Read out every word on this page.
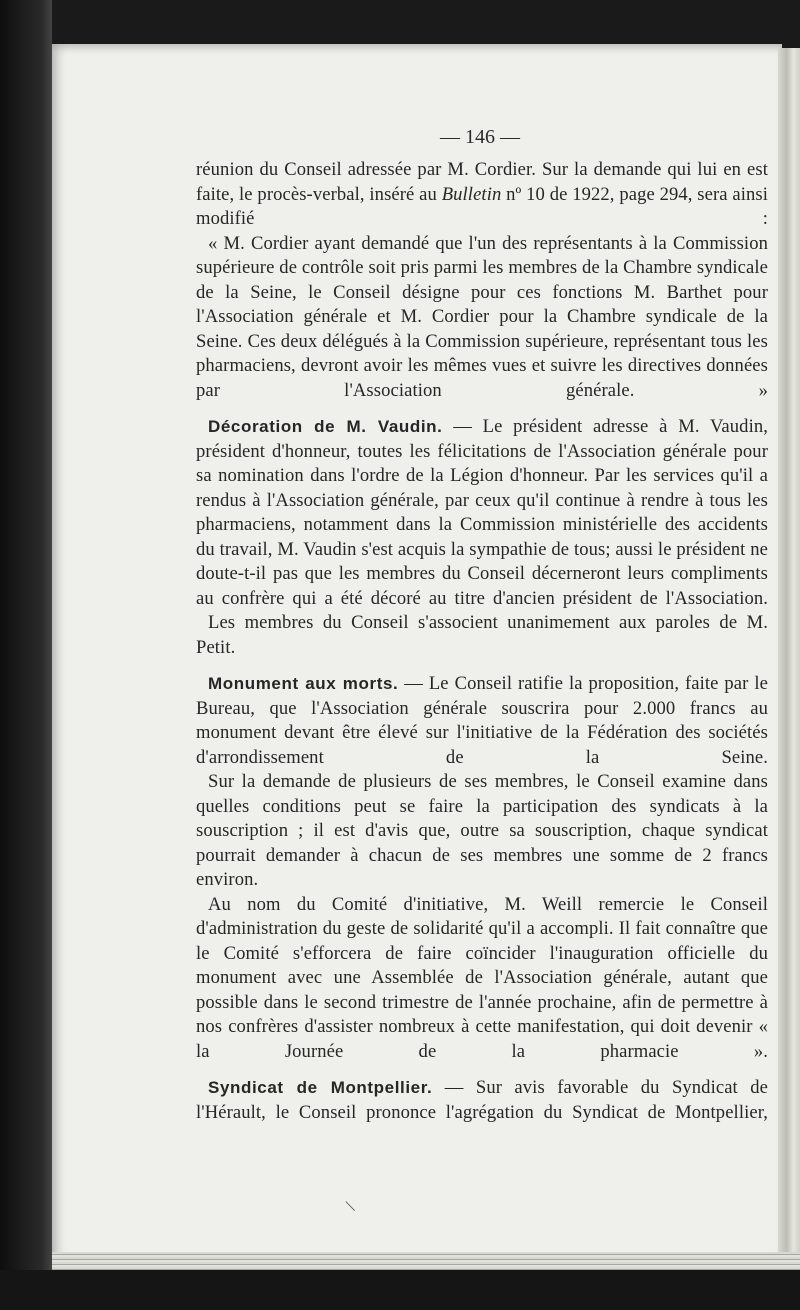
— 146 —

réunion du Conseil adressée par M. Cordier. Sur la demande qui lui en est faite, le procès-verbal, inséré au Bulletin nº 10 de 1922, page 294, sera ainsi modifié :

« M. Cordier ayant demandé que l'un des représentants à la Commission supérieure de contrôle soit pris parmi les membres de la Chambre syndicale de la Seine, le Conseil désigne pour ces fonctions M. Barthet pour l'Association générale et M. Cordier pour la Chambre syndicale de la Seine. Ces deux délégués à la Commission supérieure, représentant tous les pharmaciens, devront avoir les mêmes vues et suivre les directives données par l'Association générale. »

Décoration de M. Vaudin. — Le président adresse à M. Vaudin, président d'honneur, toutes les félicitations de l'Association générale pour sa nomination dans l'ordre de la Légion d'honneur. Par les services qu'il a rendus à l'Association générale, par ceux qu'il continue à rendre à tous les pharmaciens, notamment dans la Commission ministérielle des accidents du travail, M. Vaudin s'est acquis la sympathie de tous; aussi le président ne doute-t-il pas que les membres du Conseil décerneront leurs compliments au confrère qui a été décoré au titre d'ancien président de l'Association.

Les membres du Conseil s'associent unanimement aux paroles de M. Petit.

Monument aux morts. — Le Conseil ratifie la proposition, faite par le Bureau, que l'Association générale souscrira pour 2.000 francs au monument devant être élevé sur l'initiative de la Fédération des sociétés d'arrondissement de la Seine.

Sur la demande de plusieurs de ses membres, le Conseil examine dans quelles conditions peut se faire la participation des syndicats à la souscription ; il est d'avis que, outre sa souscription, chaque syndicat pourrait demander à chacun de ses membres une somme de 2 francs environ.

Au nom du Comité d'initiative, M. Weill remercie le Conseil d'administration du geste de solidarité qu'il a accompli. Il fait connaître que le Comité s'efforcera de faire coïncider l'inauguration officielle du monument avec une Assemblée de l'Association générale, autant que possible dans le second trimestre de l'année prochaine, afin de permettre à nos confrères d'assister nombreux à cette manifestation, qui doit devenir « la Journée de la pharmacie ».

Syndicat de Montpellier. — Sur avis favorable du Syndicat de l'Hérault, le Conseil prononce l'agrégation du Syndicat de Montpellier,

\
